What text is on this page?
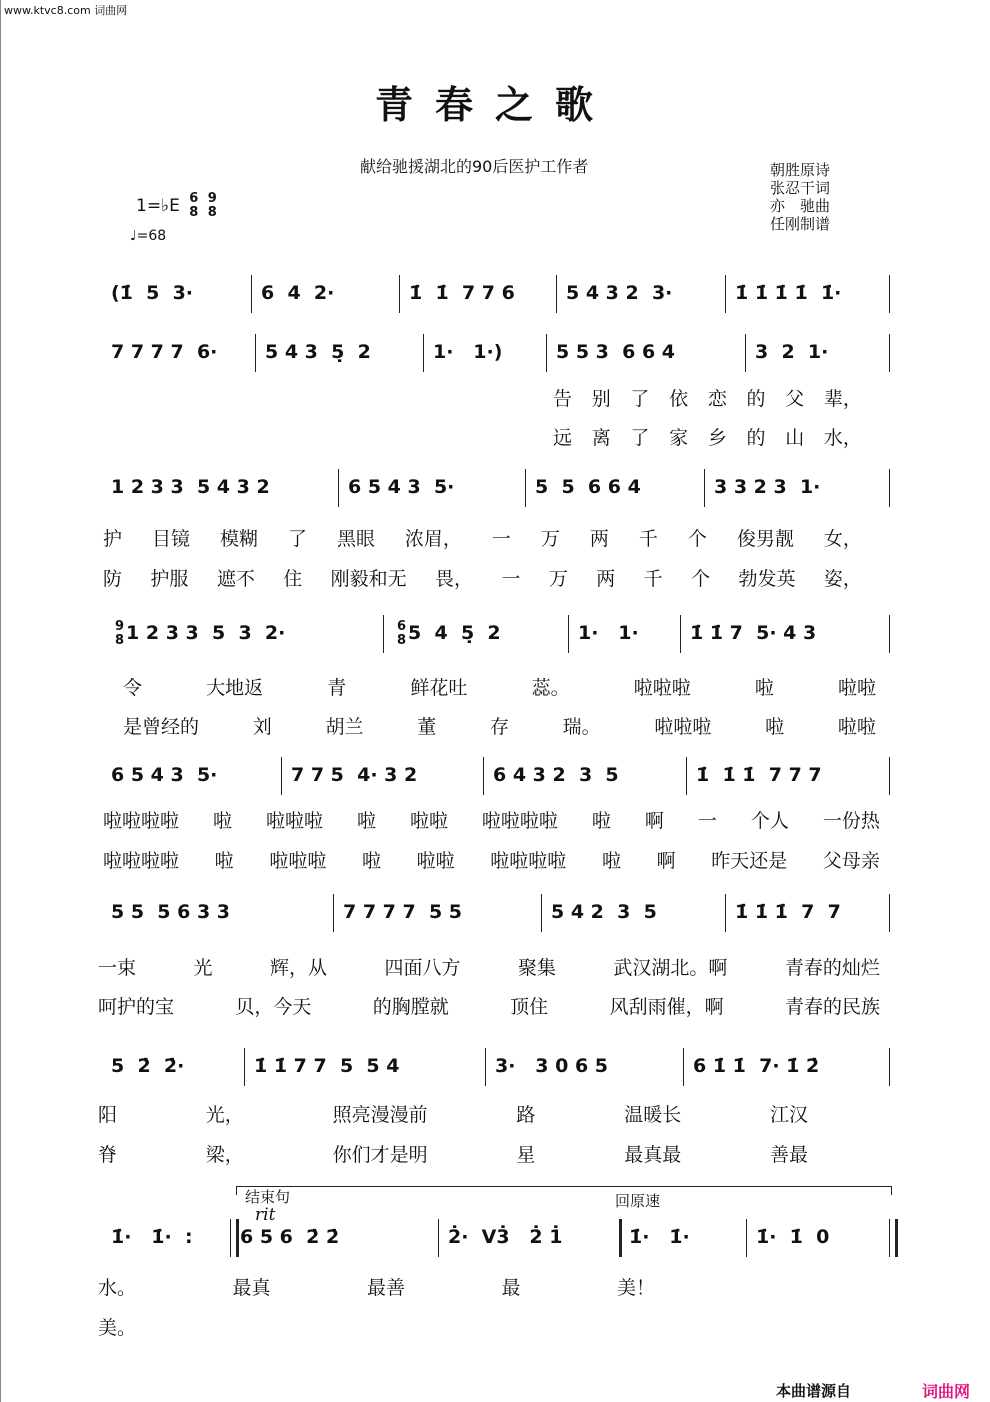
www.ktvc8.com 词曲网
青春之歌
献给驰援湖北的90后医护工作者	朝胜原诗
张忍干词
亦　驰曲
任刚制谱
1=♭E 6
8

9
8
♩=68
(1̇  5  3·	6  4  2·	1̇  1̇  7 7 6	5 4 3 2  3·	1̇ 1̇ 1̇ 1̇  1̇·
7 7 7 7  6·	5 4 3  5̣  2	1·   1·)	5 5 3  6 6 4	3  2  1·
1 2 3 3  5 4 3 2	6 5 4 3  5·	5  5  6 6 4	3 3 2 3  1·
9
8 1 2 3 3  5  3  2·	6
8 5  4  5̣  2	1·   1·	1̇ 1̇ 7  5· 4 3
6 5 4 3  5·	7 7 5  4· 3 2	6 4 3 2  3  5	1̇  1̇ 1̇  7 7 7
5 5  5 6 3 3	7 7 7 7  5 5	5 4 2  3  5	1̇ 1̇ 1̇  7  7
5  2̇  2̇·	1̇ 1̇ 7 7  5  5 4	3·   3 0 6 5	6 1̇ 1̇  7· 1̇ 2̇
1̇·   1̇·  :	6 5 6  2̇ 2̇	2̇·  V3̇   2̇ 1̇	1̇·   1̇·	1̇·  1̇  0
告 别 了 依 恋 的 父 辈，
远 离 了 家 乡 的 山 水，
护 目镜 模糊 了 黑眼 浓眉， 一 万 两 千 个 俊男靓 女，
防 护服 遮不 住 刚毅和无 畏， 一 万 两 千 个 勃发英 姿，
令	大地返	青	鲜花吐	蕊。	啦啦啦	啦	啦啦
是曾经的	刘	胡兰	董	存	瑞。	啦啦啦	啦	啦啦
啦啦啦啦 啦 啦啦啦 啦 啦啦 啦啦啦啦 啦 啊 一 个人 一份热
啦啦啦啦 啦 啦啦啦 啦 啦啦 啦啦啦啦 啦 啊 昨天还是 父母亲
一束	光	辉，从	四面八方	聚集	武汉湖北。啊	青春的灿烂
呵护的宝	贝，今天	的胸膛就	顶住	风刮雨催，啊	青春的民族
阳	光，	照亮漫漫前	路	温暖长	江汉
脊	梁，	你们才是明	星	最真最	善最
水。	最真	最善	最	美！
美。
结束句
rit
回原速
本曲谱源自	词曲网
